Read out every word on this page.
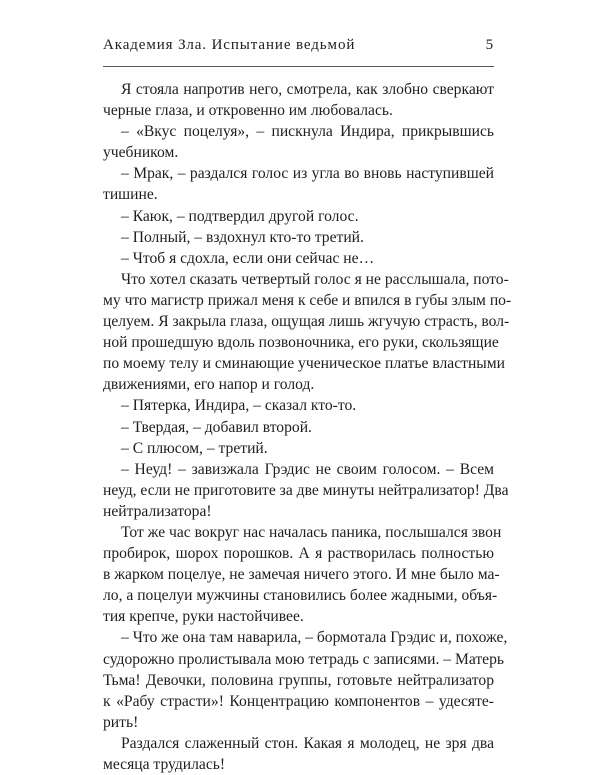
Академия Зла. Испытание ведьмой	5
Я стояла напротив него, смотрела, как злобно сверкают
черные глаза, и откровенно им любовалась.
– «Вкус поцелуя», – пискнула Индира, прикрывшись
учебником.
– Мрак, – раздался голос из угла во вновь наступившей
тишине.
– Каюк, – подтвердил другой голос.
– Полный, – вздохнул кто-то третий.
– Чтоб я сдохла, если они сейчас не…
Что хотел сказать четвертый голос я не расслышала, пото-
му что магистр прижал меня к себе и впился в губы злым по-
целуем. Я закрыла глаза, ощущая лишь жгучую страсть, вол-
ной прошедшую вдоль позвоночника, его руки, скользящие
по моему телу и сминающие ученическое платье властными
движениями, его напор и голод.
– Пятерка, Индира, – сказал кто-то.
– Твердая, – добавил второй.
– С плюсом, – третий.
– Неуд! – завизжала Грэдис не своим голосом. – Всем
неуд, если не приготовите за две минуты нейтрализатор! Два
нейтрализатора!
Тот же час вокруг нас началась паника, послышался звон
пробирок, шорох порошков. А я растворилась полностью
в жарком поцелуе, не замечая ничего этого. И мне было ма-
ло, а поцелуи мужчины становились более жадными, объя-
тия крепче, руки настойчивее.
– Что же она там наварила, – бормотала Грэдис и, похоже,
судорожно пролистывала мою тетрадь с записями. – Матерь
Тьма! Девочки, половина группы, готовьте нейтрализатор
к «Рабу страсти»! Концентрацию компонентов – удесяте-
рить!
Раздался слаженный стон. Какая я молодец, не зря два
месяца трудилась!
